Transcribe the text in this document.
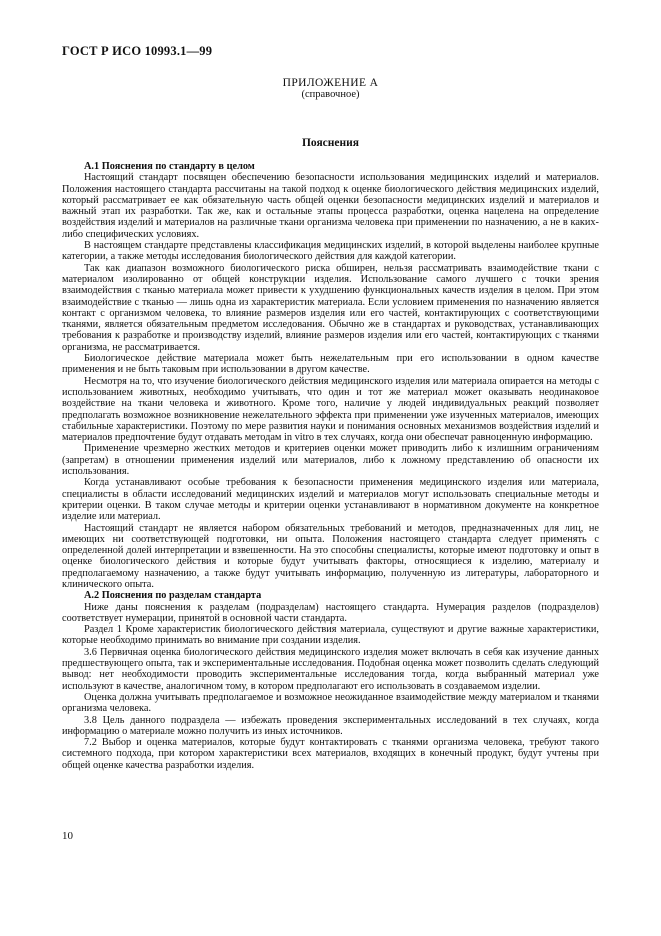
ГОСТ Р ИСО 10993.1—99
ПРИЛОЖЕНИЕ А
(справочное)
Пояснения
А.1 Пояснения по стандарту в целом

Настоящий стандарт посвящен обеспечению безопасности использования медицинских изделий и материалов. Положения настоящего стандарта рассчитаны на такой подход к оценке биологического действия медицинских изделий, который рассматривает ее как обязательную часть общей оценки безопасности медицинских изделий и материалов и важный этап их разработки. Так же, как и остальные этапы процесса разработки, оценка нацелена на определение воздействия изделий и материалов на различные ткани организма человека при применении по назначению, а не в каких-либо специфических условиях.

В настоящем стандарте представлены классификация медицинских изделий, в которой выделены наиболее крупные категории, а также методы исследования биологического действия для каждой категории.

Так как диапазон возможного биологического риска обширен, нельзя рассматривать взаимодействие ткани с материалом изолированно от общей конструкции изделия. Использование самого лучшего с точки зрения взаимодействия с тканью материала может привести к ухудшению функциональных качеств изделия в целом. При этом взаимодействие с тканью — лишь одна из характеристик материала. Если условием применения по назначению является контакт с организмом человека, то влияние размеров изделия или его частей, контактирующих с соответствующими тканями, является обязательным предметом исследования. Обычно же в стандартах и руководствах, устанавливающих требования к разработке и производству изделий, влияние размеров изделия или его частей, контактирующих с тканями организма, не рассматривается.

Биологическое действие материала может быть нежелательным при его использовании в одном качестве применения и не быть таковым при использовании в другом качестве.

Несмотря на то, что изучение биологического действия медицинского изделия или материала опирается на методы с использованием животных, необходимо учитывать, что один и тот же материал может оказывать неодинаковое воздействие на ткани человека и животного. Кроме того, наличие у людей индивидуальных реакций позволяет предполагать возможное возникновение нежелательного эффекта при применении уже изученных материалов, имеющих стабильные характеристики. Поэтому по мере развития науки и понимания основных механизмов воздействия изделий и материалов предпочтение будут отдавать методам in vitro в тех случаях, когда они обеспечат равноценную информацию.

Применение чрезмерно жестких методов и критериев оценки может приводить либо к излишним ограничениям (запретам) в отношении применения изделий или материалов, либо к ложному представлению об опасности их использования.

Когда устанавливают особые требования к безопасности применения медицинского изделия или материала, специалисты в области исследований медицинских изделий и материалов могут использовать специальные методы и критерии оценки. В таком случае методы и критерии оценки устанавливают в нормативном документе на конкретное изделие или материал.

Настоящий стандарт не является набором обязательных требований и методов, предназначенных для лиц, не имеющих ни соответствующей подготовки, ни опыта. Положения настоящего стандарта следует применять с определенной долей интерпретации и взвешенности. На это способны специалисты, которые имеют подготовку и опыт в оценке биологического действия и которые будут учитывать факторы, относящиеся к изделию, материалу и предполагаемому назначению, а также будут учитывать информацию, полученную из литературы, лабораторного и клинического опыта.

А.2 Пояснения по разделам стандарта

Ниже даны пояснения к разделам (подразделам) настоящего стандарта. Нумерация разделов (подразделов) соответствует нумерации, принятой в основной части стандарта.

Раздел 1 Кроме характеристик биологического действия материала, существуют и другие важные характеристики, которые необходимо принимать во внимание при создании изделия.

3.6 Первичная оценка биологического действия медицинского изделия может включать в себя как изучение данных предшествующего опыта, так и экспериментальные исследования. Подобная оценка может позволить сделать следующий вывод: нет необходимости проводить экспериментальные исследования тогда, когда выбранный материал уже используют в качестве, аналогичном тому, в котором предполагают его использовать в создаваемом изделии.

Оценка должна учитывать предполагаемое и возможное неожиданное взаимодействие между материалом и тканями организма человека.

3.8 Цель данного подраздела — избежать проведения экспериментальных исследований в тех случаях, когда информацию о материале можно получить из иных источников.

7.2 Выбор и оценка материалов, которые будут контактировать с тканями организма человека, требуют такого системного подхода, при котором характеристики всех материалов, входящих в конечный продукт, будут учтены при общей оценке качества разработки изделия.

10
